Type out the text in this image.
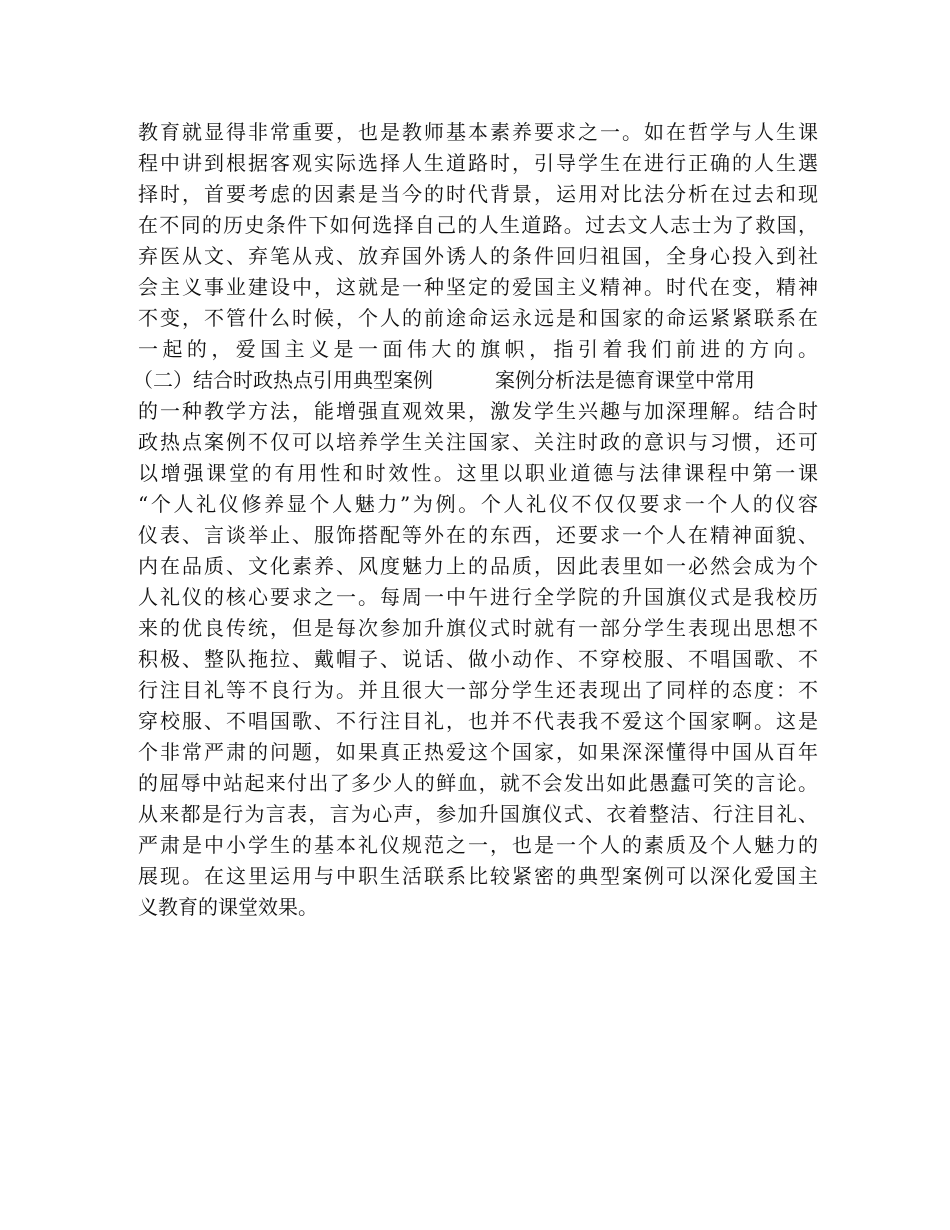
教育就显得非常重要，也是教师基本素养要求之一。如在哲学与人生课
程中讲到根据客观实际选择人生道路时，引导学生在进行正确的人生選
择时，首要考虑的因素是当今的时代背景，运用对比法分析在过去和现
在不同的历史条件下如何选择自己的人生道路。过去文人志士为了救国，
弃医从文、弃笔从戎、放弃国外诱人的条件回归祖国，全身心投入到社
会主义事业建设中，这就是一种坚定的爱国主义精神。时代在变，精神
不变，不管什么时候，个人的前途命运永远是和国家的命运紧紧联系在
一起的，爱国主义是一面伟大的旗帜，指引着我们前进的方向。
（二）结合时政热点引用典型案例	案例分析法是德育课堂中常用
的一种教学方法，能增强直观效果，激发学生兴趣与加深理解。结合时
政热点案例不仅可以培养学生关注国家、关注时政的意识与习惯，还可
以增强课堂的有用性和时效性。这里以职业道德与法律课程中第一课
“个人礼仪修养显个人魅力”为例。个人礼仪不仅仅要求一个人的仪容
仪表、言谈举止、服饰搭配等外在的东西，还要求一个人在精神面貌、
内在品质、文化素养、风度魅力上的品质，因此表里如一必然会成为个
人礼仪的核心要求之一。每周一中午进行全学院的升国旗仪式是我校历
来的优良传统，但是每次参加升旗仪式时就有一部分学生表现出思想不
积极、整队拖拉、戴帽子、说话、做小动作、不穿校服、不唱国歌、不
行注目礼等不良行为。并且很大一部分学生还表现出了同样的态度：不
穿校服、不唱国歌、不行注目礼，也并不代表我不爱这个国家啊。这是
个非常严肃的问题，如果真正热爱这个国家，如果深深懂得中国从百年
的屈辱中站起来付出了多少人的鲜血，就不会发出如此愚蠢可笑的言论。
从来都是行为言表，言为心声，参加升国旗仪式、衣着整洁、行注目礼、
严肃是中小学生的基本礼仪规范之一，也是一个人的素质及个人魅力的
展现。在这里运用与中职生活联系比较紧密的典型案例可以深化爱国主
义教育的课堂效果。
